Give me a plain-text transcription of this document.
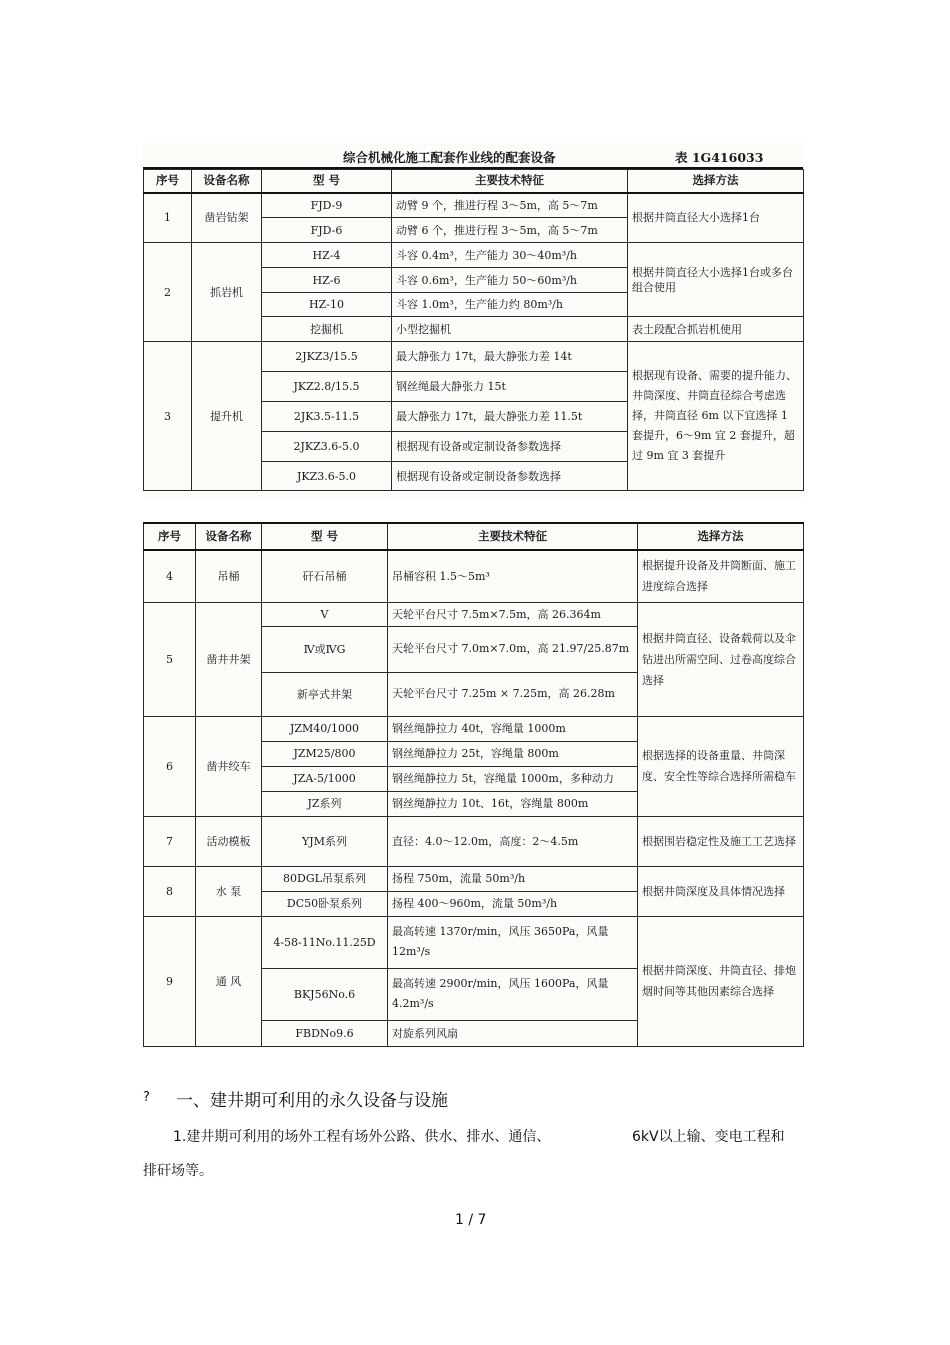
综合机械化施工配套作业线的配套设备	表 1G416033
序号	设备名称	型 号	主要技术特征	选择方法
1	凿岩钻架	FJD-9	动臂 9 个，推进行程 3～5m，高 5～7m	根据井筒直径大小选择1台
		FJD-6	动臂 6 个，推进行程 3～5m，高 5～7m	
2	抓岩机	HZ-4	斗容 0.4m³，生产能力 30～40m³/h	根据井筒直径大小选择1台或多台组合使用
		HZ-6	斗容 0.6m³，生产能力 50～60m³/h	
		HZ-10	斗容 1.0m³，生产能力约 80m³/h	
		挖掘机	小型挖掘机	表土段配合抓岩机使用
3	提升机	2JKZ3/15.5	最大静张力 17t，最大静张力差 14t	根据现有设备、需要的提升能力、井筒深度、井筒直径综合考虑选择，井筒直径 6m 以下宜选择 1 套提升，6～9m 宜 2 套提升，超过 9m 宜 3 套提升
		JKZ2.8/15.5	钢丝绳最大静张力 15t	
		2JK3.5-11.5	最大静张力 17t，最大静张力差 11.5t	
		2JKZ3.6-5.0	根据现有设备或定制设备参数选择	
		JKZ3.6-5.0	根据现有设备或定制设备参数选择	
序号	设备名称	型 号	主要技术特征	选择方法
4	吊桶	矸石吊桶	吊桶容积 1.5～5m³	根据提升设备及井筒断面、施工进度综合选择
5	凿井井架	V	天轮平台尺寸 7.5m×7.5m，高 26.364m	根据井筒直径、设备载荷以及伞钻进出所需空间、过卷高度综合选择
		Ⅳ或ⅣG	天轮平台尺寸 7.0m×7.0m，高 21.97/25.87m	
		新亭式井架	天轮平台尺寸 7.25m × 7.25m，高 26.28m	
6	凿井绞车	JZM40/1000	钢丝绳静拉力 40t，容绳量 1000m	根据选择的设备重量、井筒深度、安全性等综合选择所需稳车
		JZM25/800	钢丝绳静拉力 25t，容绳量 800m	
		JZA-5/1000	钢丝绳静拉力 5t，容绳量 1000m，多种动力	
		JZ系列	钢丝绳静拉力 10t、16t，容绳量 800m	
7	活动模板	YJM系列	直径：4.0～12.0m，高度：2～4.5m	根据围岩稳定性及施工工艺选择
8	水 泵	80DGL吊泵系列	扬程 750m，流量 50m³/h	根据井筒深度及具体情况选择
		DC50卧泵系列	扬程 400～960m，流量 50m³/h	
9	通 风	4-58-11No.11.25D	最高转速 1370r/min，风压 3650Pa，风量 12m³/s	根据井筒深度、井筒直径、排炮烟时间等其他因素综合选择
		BKJ56No.6	最高转速 2900r/min，风压 1600Pa，风量 4.2m³/s	
		FBDNo9.6	对旋系列风扇	
? 一、建井期可利用的永久设备与设施
1.建井期可利用的场外工程有场外公路、供水、排水、通信、	6kV以上输、变电工程和
排矸场等。
1 / 7
